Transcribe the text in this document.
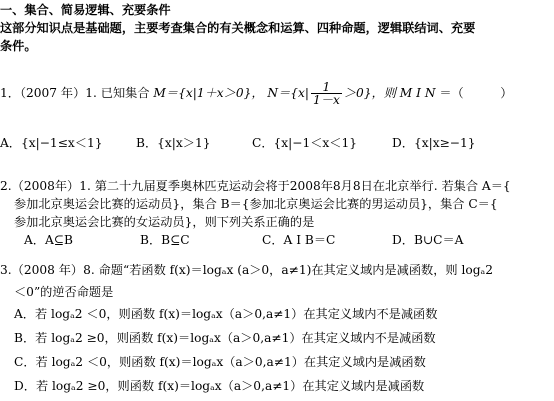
一、集合、简易逻辑、充要条件
这部分知识点是基础题，主要考查集合的有关概念和运算、四种命题，逻辑联结词、充要
条件。
1．（2007 年）1. 已知集合 M＝{x|1＋x＞0}， $N=\{x| \frac{1}{1-x} >0\}$，则 M I N ＝（　　　）
A．{x|−1≤x＜1}	B．{x|x＞1}	C．{x|−1＜x＜1}	D．{x|x≥−1}
2.（2008年）1. 第二十九届夏季奥林匹克运动会将于2008年8月8日在北京举行. 若集合 A＝{
参加北京奥运会比赛的运动员}，集合 B＝{参加北京奥运会比赛的男运动员}，集合 C＝{
参加北京奥运会比赛的女运动员}，则下列关系正确的是
A．A⊆B	B．B⊆C	C．A I B＝C	D．B∪C＝A
3.（2008 年）8. 命题“若函数 f(x)＝logₐx (a＞0，a≠1)在其定义域内是减函数，则 logₐ2
＜0”的逆否命题是
A．若 logₐ2 ＜0，则函数 f(x)＝logₐx（a＞0,a≠1）在其定义域内不是减函数
B．若 logₐ2 ≥0，则函数 f(x)＝logₐx（a＞0,a≠1）在其定义域内不是减函数
C．若 logₐ2 ＜0，则函数 f(x)＝logₐx（a＞0,a≠1）在其定义域内是减函数
D．若 logₐ2 ≥0，则函数 f(x)＝logₐx（a＞0,a≠1）在其定义域内是减函数
